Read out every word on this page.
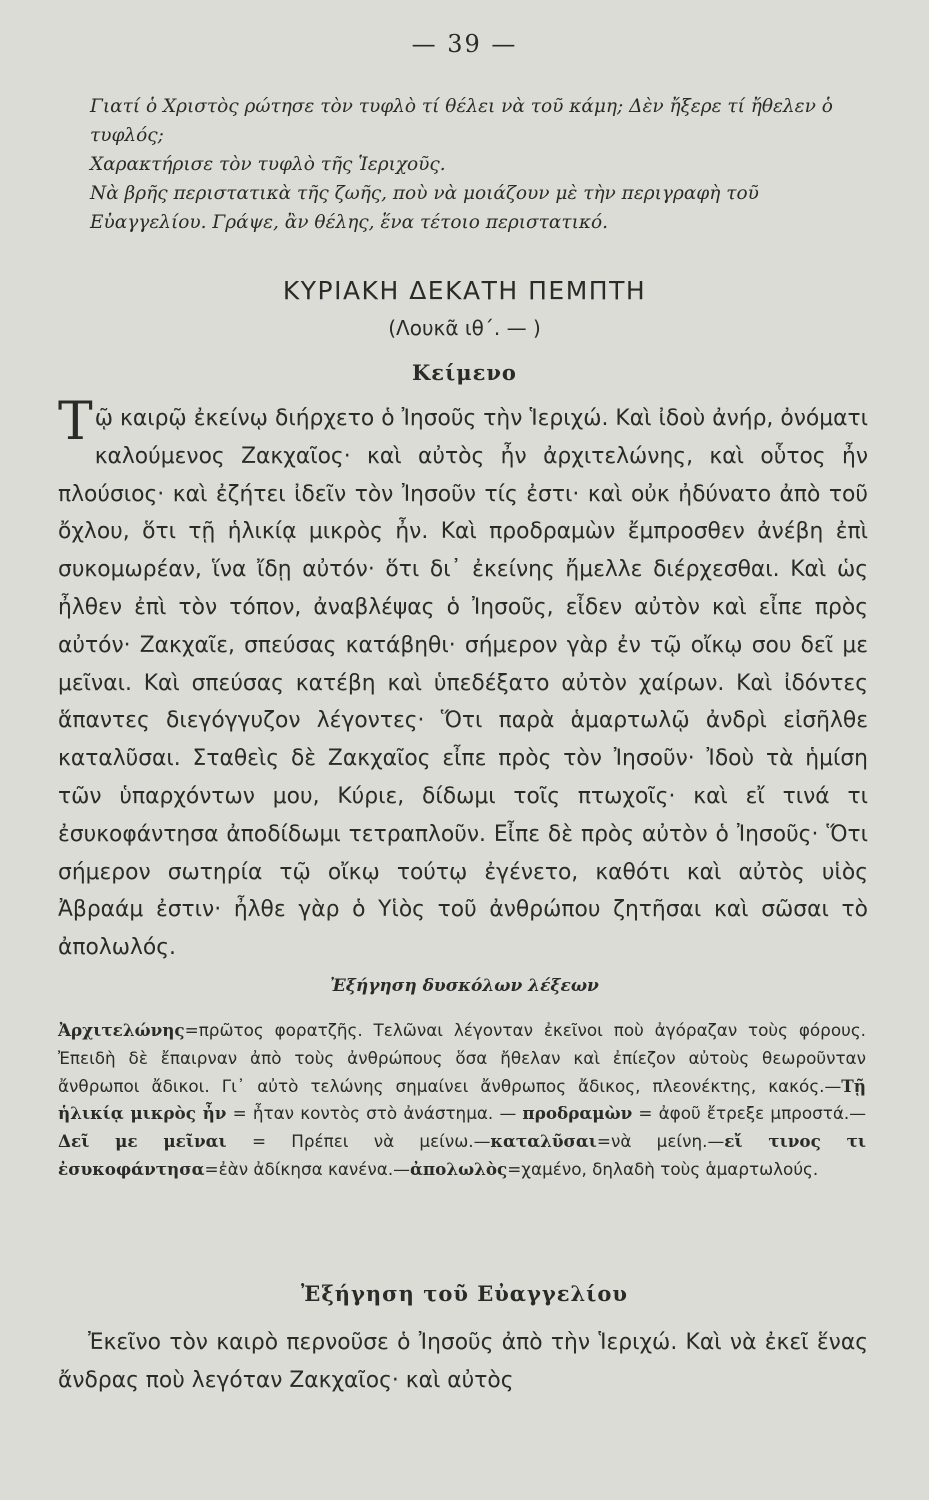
— 39 —

Γιατί ὁ Χριστὸς ρώτησε τὸν τυφλὸ τί θέλει νὰ τοῦ κάμη; Δὲν ἤξερε τί ἤθελεν ὁ τυφλός;

Χαρακτήρισε τὸν τυφλὸ τῆς Ἱεριχοῦς.

Νὰ βρῆς περιστατικὰ τῆς ζωῆς, ποὺ νὰ μοιάζουν μὲ τὴν περιγραφὴ τοῦ Εὐαγγελίου. Γράψε, ἂν θέλης, ἕνα τέτοιο περιστατικό.

ΚΥΡΙΑΚΗ ΔΕΚΑΤΗ ΠΕΜΠΤΗ
(Λουκᾶ ιθ΄. — )
Κείμενο

Τῷ καιρῷ ἐκείνῳ διήρχετο ὁ Ἰησοῦς τὴν Ἱεριχώ. Καὶ ἰδοὺ ἀνήρ, ὀνόματι καλούμενος Ζακχαῖος· καὶ αὐτὸς ἦν ἀρχιτελώνης, καὶ οὗτος ἦν πλούσιος· καὶ ἐζήτει ἰδεῖν τὸν Ἰησοῦν τίς ἐστι· καὶ οὐκ ἠδύνατο ἀπὸ τοῦ ὄχλου, ὅτι τῇ ἡλικίᾳ μικρὸς ἦν. Καὶ προδραμὼν ἔμπροσθεν ἀνέβη ἐπὶ συκομωρέαν, ἵνα ἴδῃ αὐτόν· ὅτι δι᾽ ἐκείνης ἤμελλε διέρχεσθαι. Καὶ ὡς ἦλθεν ἐπὶ τὸν τόπον, ἀναβλέψας ὁ Ἰησοῦς, εἶδεν αὐτὸν καὶ εἶπε πρὸς αὐτόν· Ζακχαῖε, σπεύσας κατάβηθι· σήμερον γὰρ ἐν τῷ οἴκῳ σου δεῖ με μεῖναι. Καὶ σπεύσας κατέβη καὶ ὑπεδέξατο αὐτὸν χαίρων. Καὶ ἰδόντες ἅπαντες διεγόγγυζον λέγοντες· Ὅτι παρὰ ἁμαρτωλῷ ἀνδρὶ εἰσῆλθε καταλῦσαι. Σταθεὶς δὲ Ζακχαῖος εἶπε πρὸς τὸν Ἰησοῦν· Ἰδοὺ τὰ ἡμίση τῶν ὑπαρχόντων μου, Κύριε, δίδωμι τοῖς πτωχοῖς· καὶ εἴ τινά τι ἐσυκοφάντησα ἀποδίδωμι τετραπλοῦν. Εἶπε δὲ πρὸς αὐτὸν ὁ Ἰησοῦς· Ὅτι σήμερον σωτηρία τῷ οἴκῳ τούτῳ ἐγένετο, καθότι καὶ αὐτὸς υἱὸς Ἀβραάμ ἐστιν· ἦλθε γὰρ ὁ Υἱὸς τοῦ ἀνθρώπου ζητῆσαι καὶ σῶσαι τὸ ἀπολωλός.

Ἐξήγηση δυσκόλων λέξεων

Ἀρχιτελώνης=πρῶτος φορατζῆς. Τελῶναι λέγονταν ἐκεῖνοι ποὺ ἀγόραζαν τοὺς φόρους. Ἐπειδὴ δὲ ἔπαιρναν ἀπὸ τοὺς ἀνθρώπους ὅσα ἤθελαν καὶ ἐπίεζον αὐτοὺς θεωροῦνταν ἄνθρωποι ἄδικοι. Γι᾽ αὐτὸ τελώνης σημαίνει ἄνθρωπος ἄδικος, πλεονέκτης, κακός.—Τῇ ἡλικίᾳ μικρὸς ἦν = ἦταν κοντὸς στὸ ἀνάστημα. — προδραμὼν = ἀφοῦ ἔτρεξε μπροστά.—Δεῖ με μεῖναι = Πρέπει νὰ μείνω.—καταλῦσαι=νὰ μείνη.—εἴ τινος τι ἐσυκοφάντησα=ἐὰν ἀδίκησα κανένα.—ἀπολωλὸς=χαμένο, δηλαδὴ τοὺς ἁμαρτωλούς.

Ἐξήγηση τοῦ Εὐαγγελίου

Ἐκεῖνο τὸν καιρὸ περνοῦσε ὁ Ἰησοῦς ἀπὸ τὴν Ἱεριχώ. Καὶ νὰ ἐκεῖ ἕνας ἄνδρας ποὺ λεγόταν Ζακχαῖος· καὶ αὐτὸς
